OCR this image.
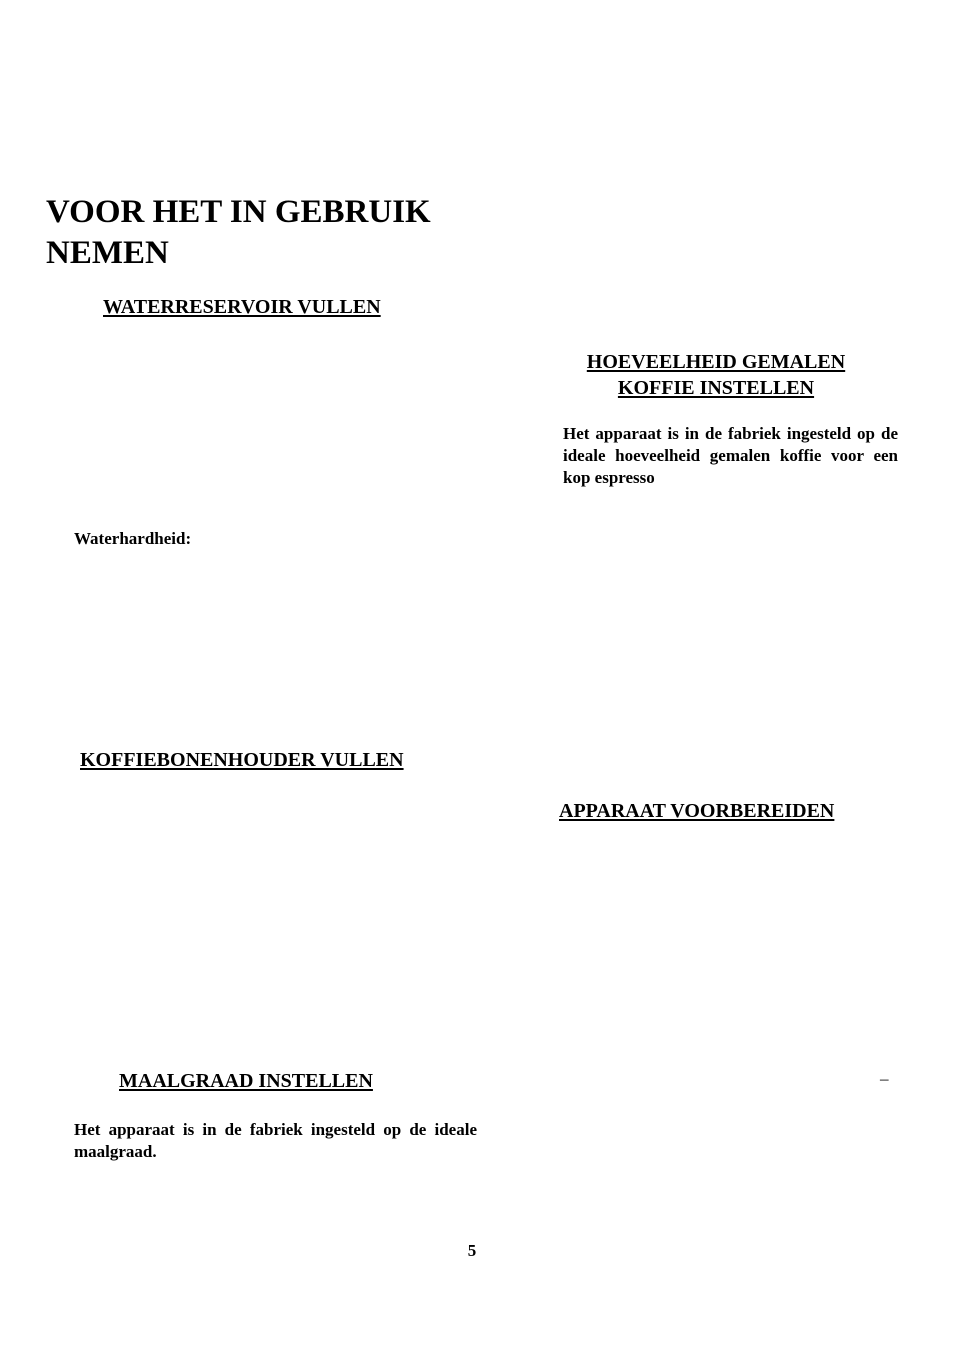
VOOR HET IN GEBRUIK NEMEN
WATERRESERVOIR VULLEN
HOEVEELHEID GEMALEN
KOFFIE INSTELLEN

Het apparaat is in de fabriek ingesteld op de ideale hoeveelheid gemalen koffie voor een kop espresso

Waterhardheid:
KOFFIEBONENHOUDER VULLEN
APPARAAT VOORBEREIDEN
MAALGRAAD INSTELLEN	–

Het apparaat is in de fabriek ingesteld op de ideale maalgraad.

5
